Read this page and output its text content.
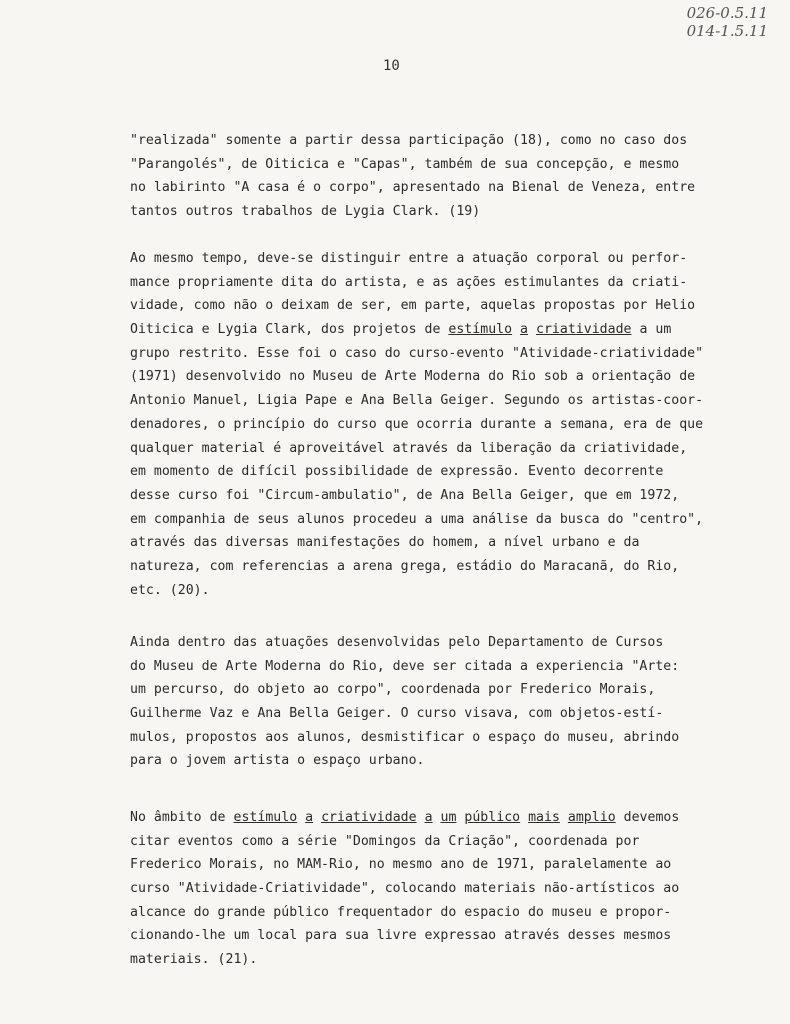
026-0.5.11
014-1.5.11
10
"realizada" somente a partir dessa participação (18), como no caso dos
"Parangolés", de Oiticica e "Capas", também de sua concepção, e mesmo
no labirinto "A casa é o corpo", apresentado na Bienal de Veneza, entre
tantos outros trabalhos de Lygia Clark. (19)
Ao mesmo tempo, deve-se distinguir entre a atuação corporal ou perfor-
mance propriamente dita do artista, e as ações estimulantes da criati-
vidade, como não o deixam de ser, em parte, aquelas propostas por Helio
Oiticica e Lygia Clark, dos projetos de estímulo a criatividade a um
grupo restrito. Esse foi o caso do curso-evento "Atividade-criatividade"
(1971) desenvolvido no Museu de Arte Moderna do Rio sob a orientação de
Antonio Manuel, Ligia Pape e Ana Bella Geiger. Segundo os artistas-coor-
denadores, o princípio do curso que ocorria durante a semana, era de que
qualquer material é aproveitável através da liberação da criatividade,
em momento de difícil possibilidade de expressão. Evento decorrente
desse curso foi "Circum-ambulatio", de Ana Bella Geiger, que em 1972,
em companhia de seus alunos procedeu a uma análise da busca do "centro",
através das diversas manifestações do homem, a nível urbano e da
natureza, com referencias a arena grega, estádio do Maracanã, do Rio,
etc. (20).
Ainda dentro das atuações desenvolvidas pelo Departamento de Cursos
do Museu de Arte Moderna do Rio, deve ser citada a experiencia "Arte:
um percurso, do objeto ao corpo", coordenada por Frederico Morais,
Guilherme Vaz e Ana Bella Geiger. O curso visava, com objetos-estí-
mulos, propostos aos alunos, desmistificar o espaço do museu, abrindo
para o jovem artista o espaço urbano.
No âmbito de estímulo a criatividade a um público mais amplio devemos
citar eventos como a série "Domingos da Criação", coordenada por
Frederico Morais, no MAM-Rio, no mesmo ano de 1971, paralelamente ao
curso "Atividade-Criatividade", colocando materiais não-artísticos ao
alcance do grande público frequentador do espacio do museu e propor-
cionando-lhe um local para sua livre expressao através desses mesmos
materiais. (21).
